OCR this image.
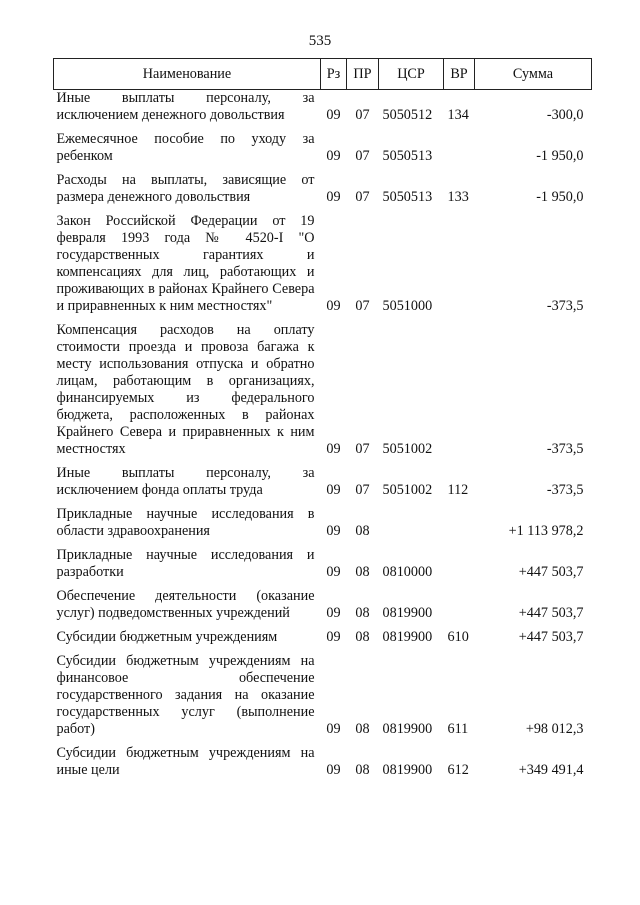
535
Наименование	Рз	ПР	ЦСР	ВР	Сумма
Иные выплаты персоналу, за исключением денежного довольствия	09	07	5050512	134	-300,0
Ежемесячное пособие по уходу за ребенком	09	07	5050513		-1 950,0
Расходы на выплаты, зависящие от размера денежного довольствия	09	07	5050513	133	-1 950,0
Закон Российской Федерации от 19 февраля 1993 года № 4520-I "О государственных гарантиях и компенсациях для лиц, работающих и проживающих в районах Крайнего Севера и приравненных к ним местностях"	09	07	5051000		-373,5
Компенсация расходов на оплату стоимости проезда и провоза багажа к месту использования отпуска и обратно лицам, работающим в организациях, финансируемых из федерального бюджета, расположенных в районах Крайнего Севера и приравненных к ним местностях	09	07	5051002		-373,5
Иные выплаты персоналу, за исключением фонда оплаты труда	09	07	5051002	112	-373,5
Прикладные научные исследования в области здравоохранения	09	08			+1 113 978,2
Прикладные научные исследования и разработки	09	08	0810000		+447 503,7
Обеспечение деятельности (оказание услуг) подведомственных учреждений	09	08	0819900		+447 503,7
Субсидии бюджетным учреждениям	09	08	0819900	610	+447 503,7
Субсидии бюджетным учреждениям на финансовое обеспечение государственного задания на оказание государственных услуг (выполнение работ)	09	08	0819900	611	+98 012,3
Субсидии бюджетным учреждениям на иные цели	09	08	0819900	612	+349 491,4
